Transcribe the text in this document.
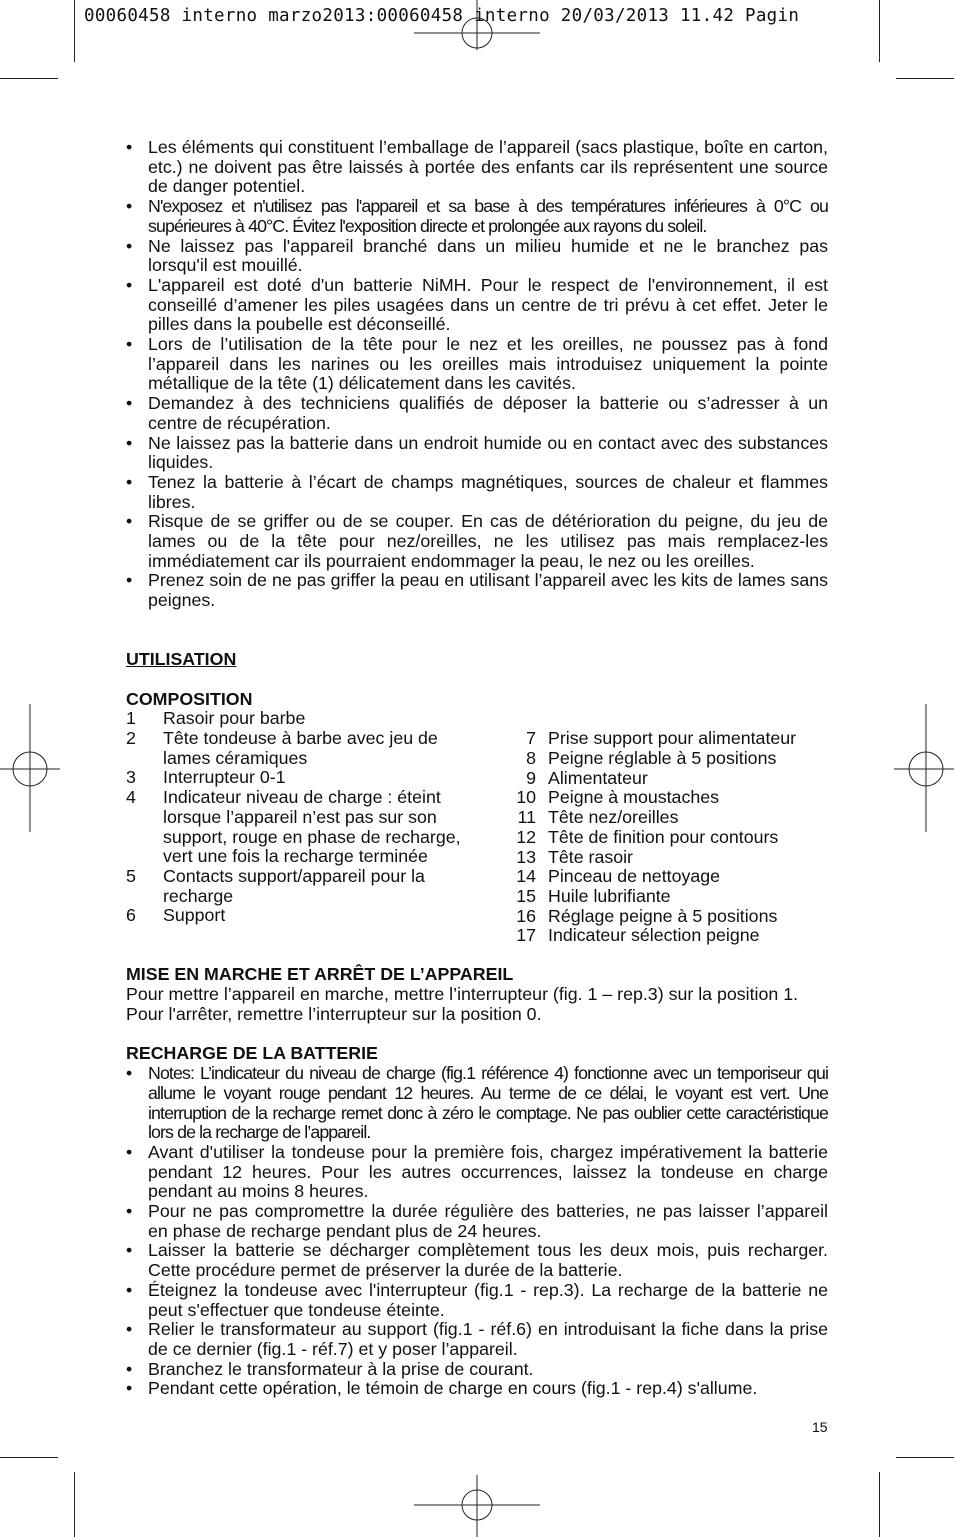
00060458 interno marzo2013:00060458 interno 20/03/2013 11.42 Pagin
• Les éléments qui constituent l’emballage de l’appareil (sacs plastique, boîte en carton, etc.) ne doivent pas être laissés à portée des enfants car ils représentent une source de danger potentiel.
• N'exposez et n'utilisez pas l'appareil et sa base à des températures inférieures à 0°C ou supérieures à 40°C. Évitez l'exposition directe et prolongée aux rayons du soleil.
• Ne laissez pas l'appareil branché dans un milieu humide et ne le branchez pas lorsqu'il est mouillé.
• L'appareil est doté d'un batterie NiMH. Pour le respect de l'environnement, il est conseillé d’amener les piles usagées dans un centre de tri prévu à cet effet. Jeter le pilles dans la poubelle est déconseillé.
• Lors de l’utilisation de la tête pour le nez et les oreilles, ne poussez pas à fond l’appareil dans les narines ou les oreilles mais introduisez uniquement la pointe métallique de la tête (1) délicatement dans les cavités.
• Demandez à des techniciens qualifiés de déposer la batterie ou s’adresser à un centre de récupération.
• Ne laissez pas la batterie dans un endroit humide ou en contact avec des substances liquides.
• Tenez la batterie à l’écart de champs magnétiques, sources de chaleur et flammes libres.
• Risque de se griffer ou de se couper. En cas de détérioration du peigne, du jeu de lames ou de la tête pour nez/oreilles, ne les utilisez pas mais remplacez-les immédiatement car ils pourraient endommager la peau, le nez ou les oreilles.
• Prenez soin de ne pas griffer la peau en utilisant l’appareil avec les kits de lames sans peignes.

UTILISATION

COMPOSITION

1	Rasoir pour barbe
2	Tête tondeuse à barbe avec jeu de lames céramiques
3	Interrupteur 0-1
4	Indicateur niveau de charge : éteint lorsque l’appareil n’est pas sur son support, rouge en phase de recharge, vert une fois la recharge terminée
5	Contacts support/appareil pour la recharge
6	Support
7 Prise support pour alimentateur
8 Peigne réglable à 5 positions
9 Alimentateur
10 Peigne à moustaches
11 Tête nez/oreilles
12 Tête de finition pour contours
13 Tête rasoir
14 Pinceau de nettoyage
15 Huile lubrifiante
16 Réglage peigne à 5 positions
17 Indicateur sélection peigne

MISE EN MARCHE ET ARRÊT DE L’APPAREIL

Pour mettre l’appareil en marche, mettre l’interrupteur (fig. 1 – rep.3) sur la position 1. Pour l'arrêter, remettre l’interrupteur sur la position 0.

RECHARGE DE LA BATTERIE

• Notes: L’indicateur du niveau de charge (fig.1 référence 4) fonctionne avec un temporiseur qui allume le voyant rouge pendant 12 heures. Au terme de ce délai, le voyant est vert. Une interruption de la recharge remet donc à zéro le comptage. Ne pas oublier cette caractéristique lors de la recharge de l’appareil.
• Avant d'utiliser la tondeuse pour la première fois, chargez impérativement la batterie pendant 12 heures. Pour les autres occurrences, laissez la tondeuse en charge pendant au moins 8 heures.
• Pour ne pas compromettre la durée régulière des batteries, ne pas laisser l’appareil en phase de recharge pendant plus de 24 heures.
• Laisser la batterie se décharger complètement tous les deux mois, puis recharger. Cette procédure permet de préserver la durée de la batterie.
• Éteignez la tondeuse avec l'interrupteur (fig.1 - rep.3). La recharge de la batterie ne peut s'effectuer que tondeuse éteinte.
• Relier le transformateur au support (fig.1 - réf.6) en introduisant la fiche dans la prise de ce dernier (fig.1 - réf.7) et y poser l’appareil.
• Branchez le transformateur à la prise de courant.
• Pendant cette opération, le témoin de charge en cours (fig.1 - rep.4) s'allume.
15
